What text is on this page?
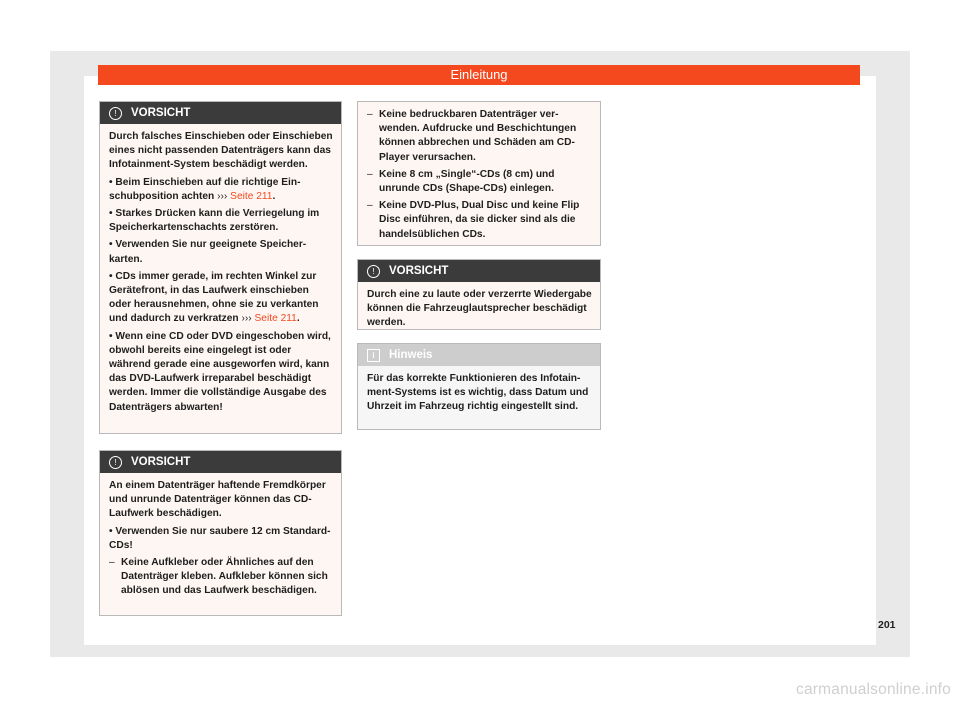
Einleitung
!	VORSICHT

Durch falsches Einschieben oder Einschieben eines nicht passenden Datenträgers kann das Infotainment-System beschädigt werden.

• Beim Einschieben auf die richtige Einschubposition achten ››› Seite 211.

• Starkes Drücken kann die Verriegelung im Speicherkartenschachts zerstören.

• Verwenden Sie nur geeignete Speicherkarten.

• CDs immer gerade, im rechten Winkel zur Gerätefront, in das Laufwerk einschieben oder herausnehmen, ohne sie zu verkanten und dadurch zu verkratzen ››› Seite 211.

• Wenn eine CD oder DVD eingeschoben wird, obwohl bereits eine eingelegt ist oder während gerade eine ausgeworfen wird, kann das DVD-Laufwerk irreparabel beschädigt werden. Immer die vollständige Ausgabe des Datenträgers abwarten!

!	VORSICHT

An einem Datenträger haftende Fremdkörper und unrunde Datenträger können das CD-Laufwerk beschädigen.

• Verwenden Sie nur saubere 12 cm Standard-CDs!

– Keine Aufkleber oder Ähnliches auf den Datenträger kleben. Aufkleber können sich ablösen und das Laufwerk beschädigen.

– Keine bedruckbaren Datenträger verwenden. Aufdrucke und Beschichtungen können abbrechen und Schäden am CD-Player verursachen.

– Keine 8 cm „Single“-CDs (8 cm) und unrunde CDs (Shape-CDs) einlegen.

– Keine DVD-Plus, Dual Disc und keine Flip Disc einführen, da sie dicker sind als die handelsüblichen CDs.

!	VORSICHT

Durch eine zu laute oder verzerrte Wiedergabe können die Fahrzeuglautsprecher beschädigt werden.

i	Hinweis

Für das korrekte Funktionieren des Infotainment-Systems ist es wichtig, dass Datum und Uhrzeit im Fahrzeug richtig eingestellt sind.

201
carmanualsonline.info
